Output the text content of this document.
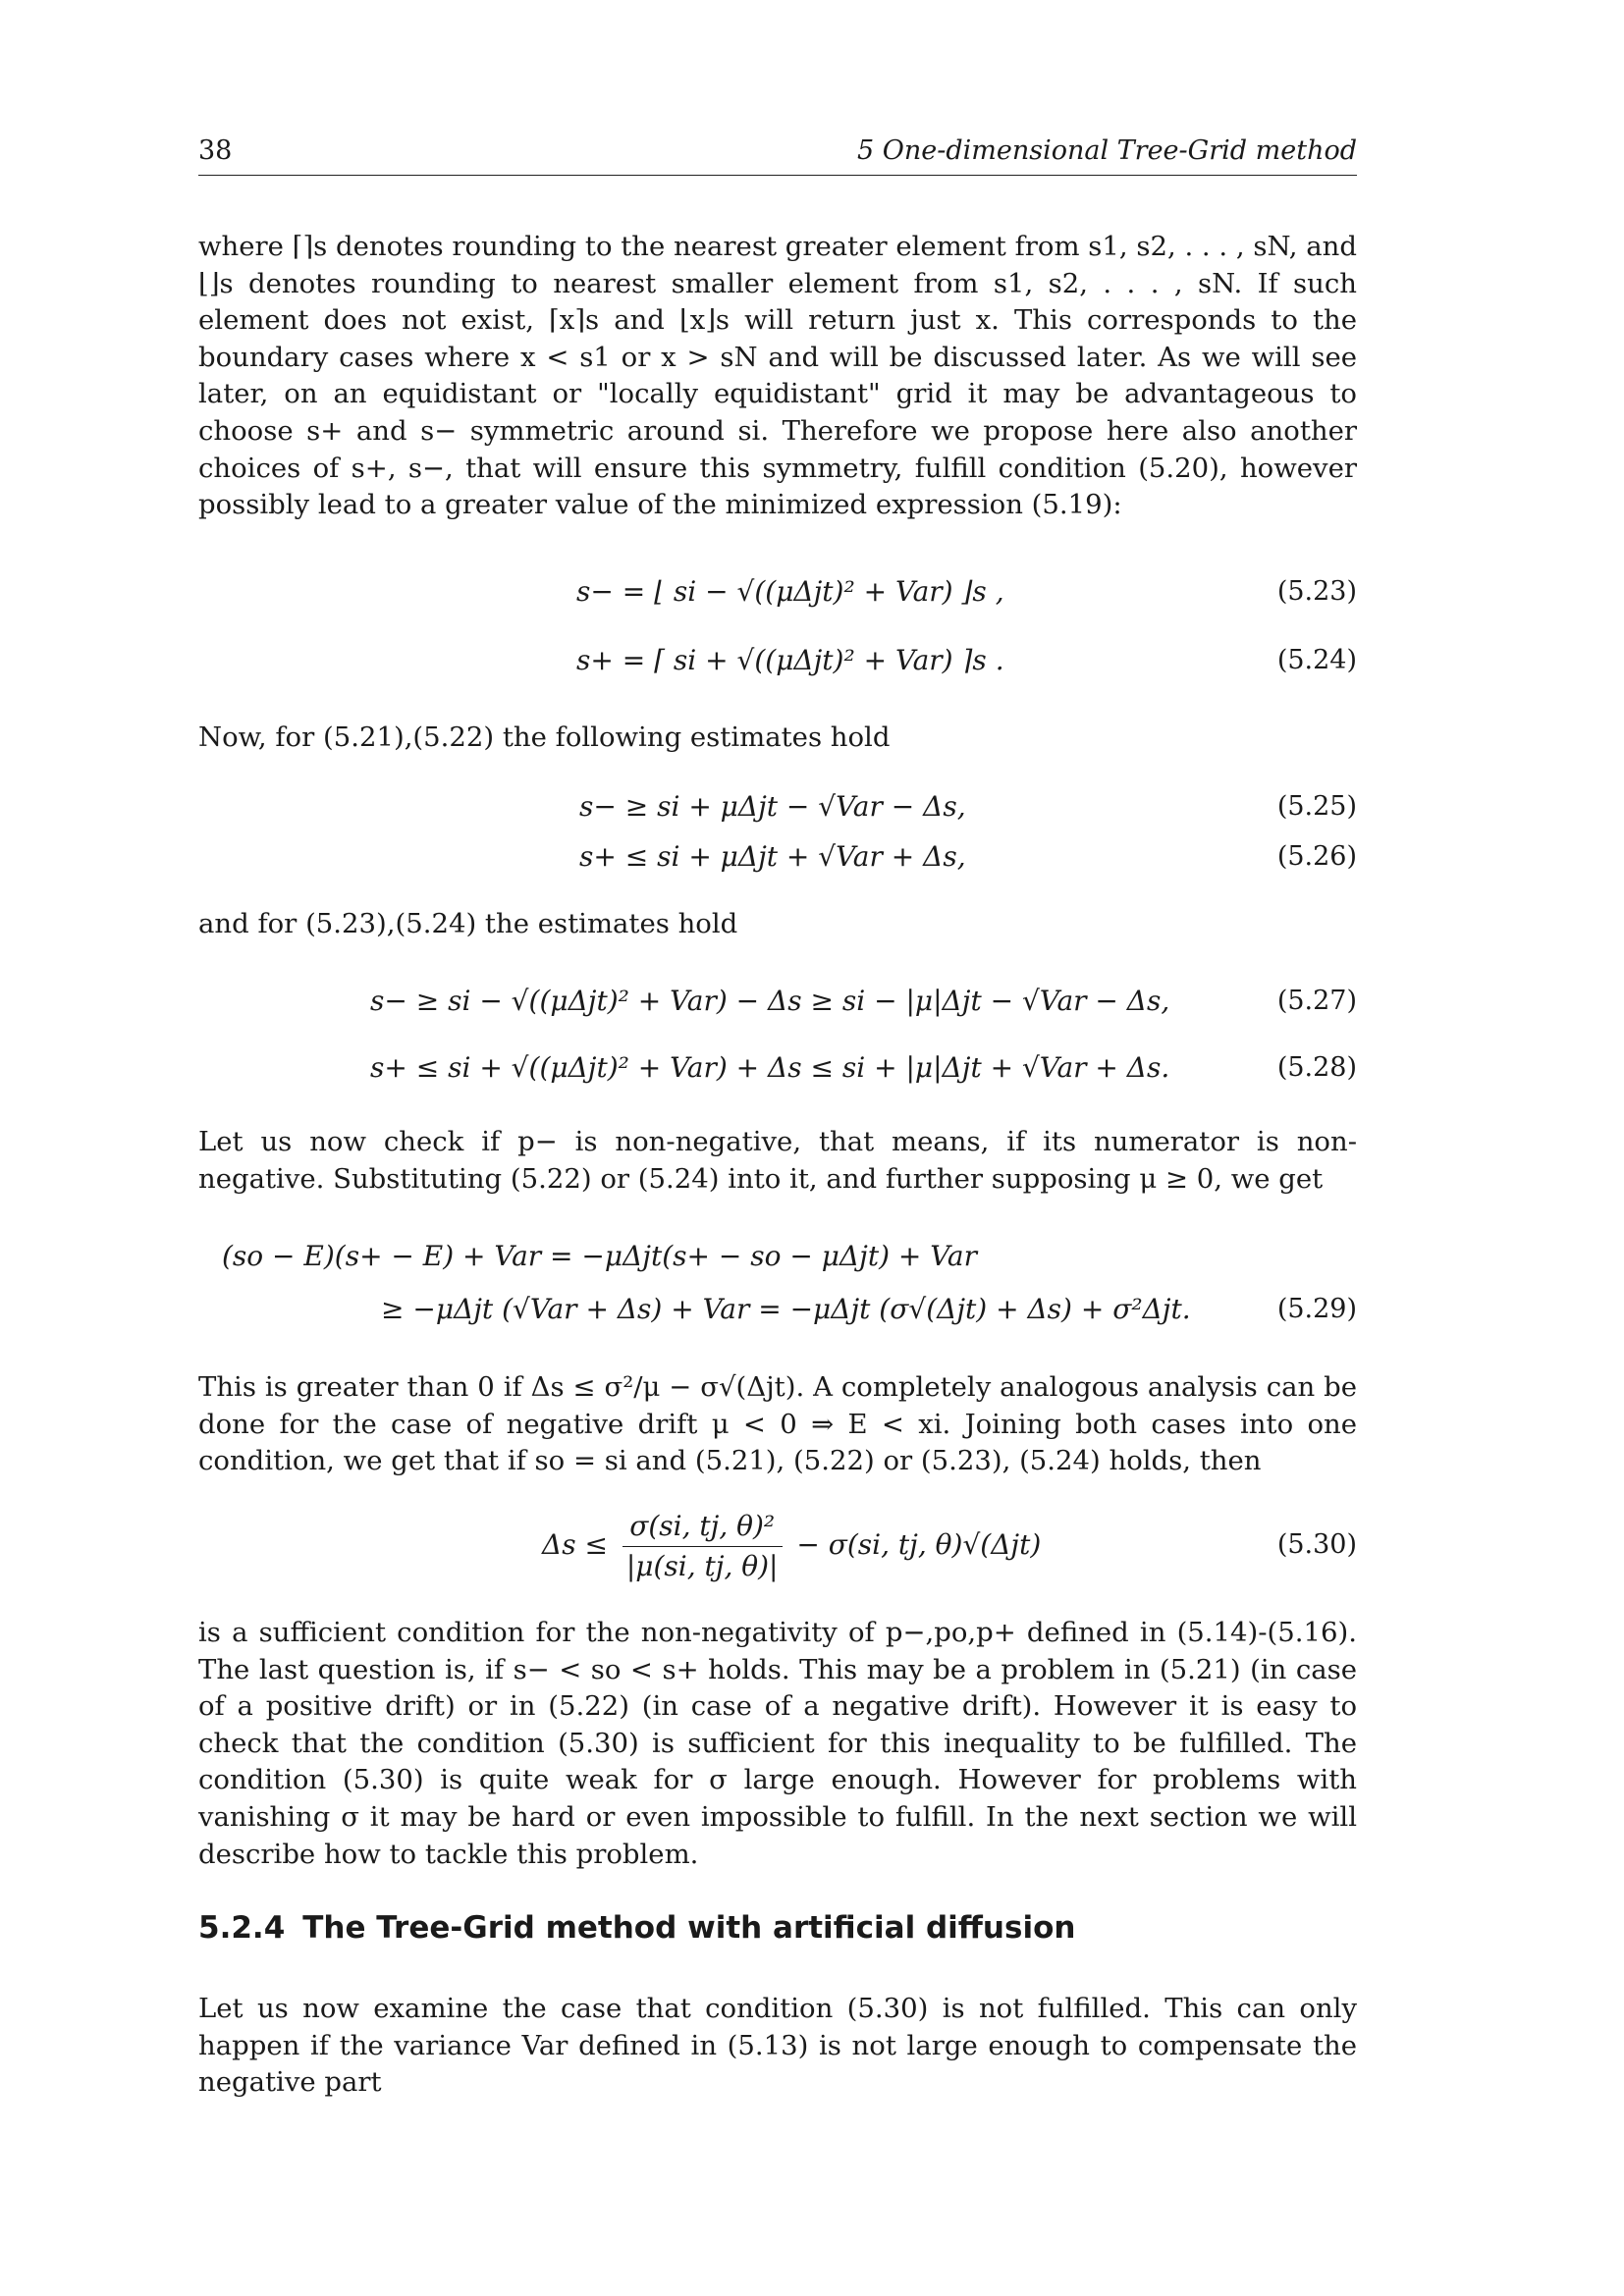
38	5 One-dimensional Tree-Grid method

where ⌈⌉s denotes rounding to the nearest greater element from s1, s2, . . . , sN, and ⌊⌋s denotes rounding to nearest smaller element from s1, s2, . . . , sN. If such element does not exist, ⌈x⌉s and ⌊x⌋s will return just x. This corresponds to the boundary cases where x < s1 or x > sN and will be discussed later. As we will see later, on an equidistant or "locally equidistant" grid it may be advantageous to choose s+ and s− symmetric around si. Therefore we propose here also another choices of s+, s−, that will ensure this symmetry, fulfill condition (5.20), however possibly lead to a greater value of the minimized expression (5.19):

s− = ⌊ si − √((μΔjt)² + Var) ⌋s ,	(5.23)
s+ = ⌈ si + √((μΔjt)² + Var) ⌉s .	(5.24)

Now, for (5.21),(5.22) the following estimates hold

s− ≥ si + μΔjt − √Var − Δs,	(5.25)
s+ ≤ si + μΔjt + √Var + Δs,	(5.26)

and for (5.23),(5.24) the estimates hold

s− ≥ si − √((μΔjt)² + Var) − Δs ≥ si − |μ|Δjt − √Var − Δs,	(5.27)
s+ ≤ si + √((μΔjt)² + Var) + Δs ≤ si + |μ|Δjt + √Var + Δs.	(5.28)

Let us now check if p− is non-negative, that means, if its numerator is non-negative. Substituting (5.22) or (5.24) into it, and further supposing μ ≥ 0, we get

(so − E)(s+ − E) + Var = −μΔjt(s+ − so − μΔjt) + Var
≥ −μΔjt (√Var + Δs) + Var = −μΔjt (σ√(Δjt) + Δs) + σ²Δjt.	(5.29)

This is greater than 0 if Δs ≤ σ²/μ − σ√(Δjt). A completely analogous analysis can be done for the case of negative drift μ < 0 ⇒ E < xi. Joining both cases into one condition, we get that if so = si and (5.21), (5.22) or (5.23), (5.24) holds, then

$\Delta s \le \frac{\text{σ(si, tj, θ)²}}{|\mu(si, tj, \theta)|} - \sigma(si$, tj, θ)√(Δjt)	(5.30)

is a sufficient condition for the non-negativity of p−,po,p+ defined in (5.14)-(5.16). The last question is, if s− < so < s+ holds. This may be a problem in (5.21) (in case of a positive drift) or in (5.22) (in case of a negative drift). However it is easy to check that the condition (5.30) is sufficient for this inequality to be fulfilled. The condition (5.30) is quite weak for σ large enough. However for problems with vanishing σ it may be hard or even impossible to fulfill. In the next section we will describe how to tackle this problem.

5.2.4 The Tree-Grid method with artificial diffusion

Let us now examine the case that condition (5.30) is not fulfilled. This can only happen if the variance Var defined in (5.13) is not large enough to compensate the negative part
